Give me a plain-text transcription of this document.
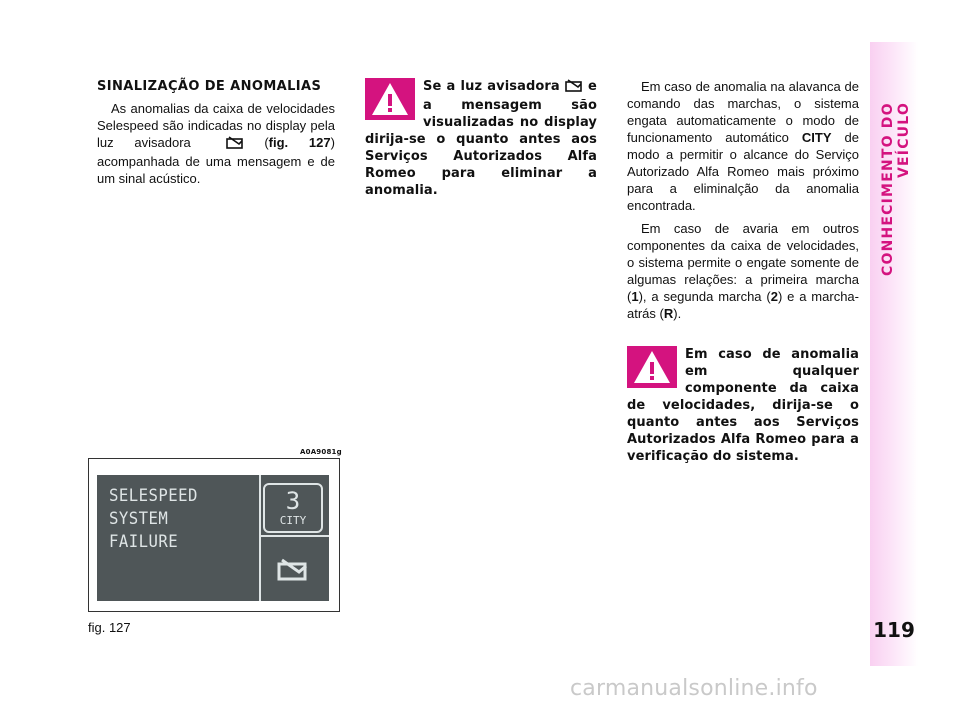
CONHECIMENTO DO VEÍCULO
119
SINALIZAÇÃO DE ANOMALIAS

As anomalias da caixa de velocidades Selespeed são indicadas no display pela luz avisadora	(fig. 127) acompanhada de uma mensagem e de um sinal acústico.

Se a luz avisadora  e a mensagem são visualizadas no display dirija-se o quanto antes aos Serviços Autorizados Alfa Romeo para eliminar a anomalia.

Em caso de anomalia na alavanca de comando das marchas, o sistema engata automaticamente o modo de funcionamento automático CITY de modo a permitir o alcance do Serviço Autorizado Alfa Romeo mais próximo para a eliminalção da anomalia encontrada.

Em caso de avaria em outros componentes da caixa de velocidades, o sistema permite o engate somente de algumas relações: a primeira marcha (1), a segunda marcha (2) e a marcha-atrás (R).

Em caso de anomalia em qualquer componente da caixa de velocidades, dirija-se o quanto antes aos Serviços Autorizados Alfa Romeo para a verificação do sistema.
A0A9081g
SELESPEED
SYSTEM
FAILURE
3
CITY
fig. 127
carmanualsonline.info
